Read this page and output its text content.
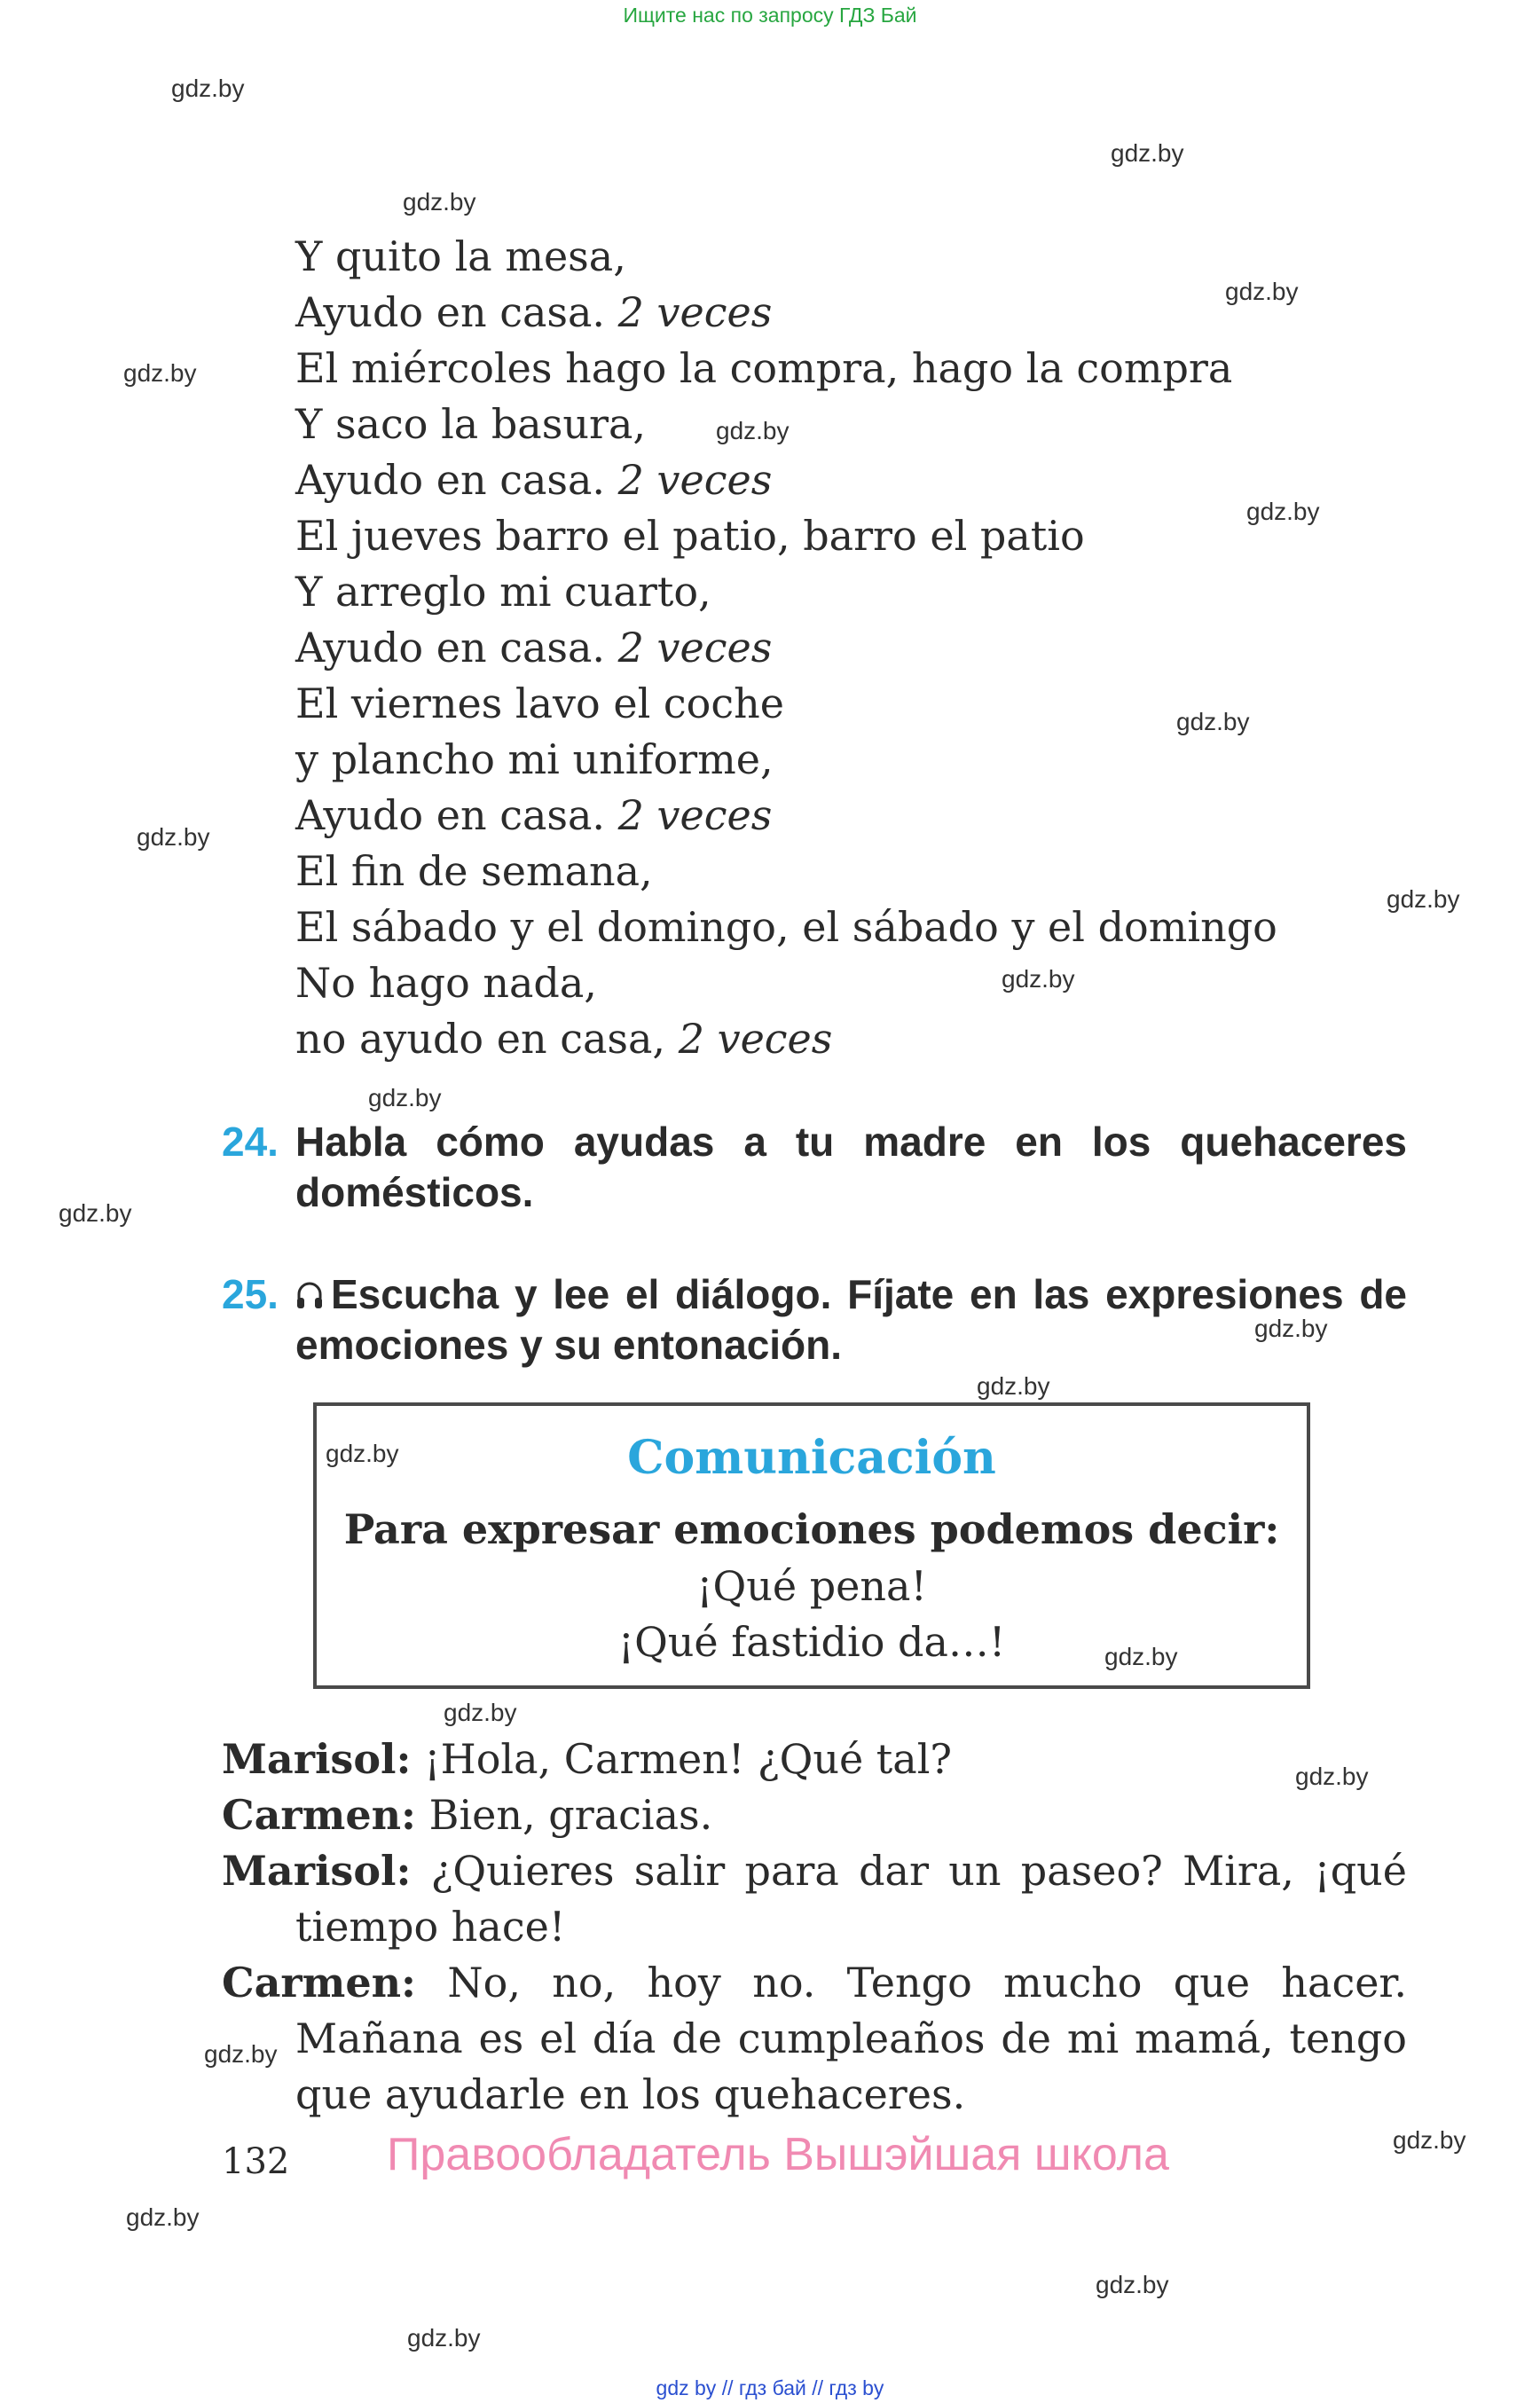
Ищите нас по запросу ГДЗ Бай
gdz.by
gdz.by
gdz.by
gdz.by
gdz.by
gdz.by
gdz.by
gdz.by
gdz.by
gdz.by
gdz.by
gdz.by
gdz.by
gdz.by
gdz.by
gdz.by
gdz.by
gdz.by
gdz.by
gdz.by
gdz.by
gdz.by
gdz.by
gdz.by
Y quito la mesa,
Ayudo en casa. 2 veces
El miércoles hago la compra, hago la compra
Y saco la basura,
Ayudo en casa. 2 veces
El jueves barro el patio, barro el patio
Y arreglo mi cuarto,
Ayudo en casa. 2 veces
El viernes lavo el coche
y plancho mi uniforme,
Ayudo en casa. 2 veces
El fin de semana,
El sábado y el domingo, el sábado y el domingo
No hago nada,
no ayudo en casa, 2 veces
24. Habla cómo ayudas a tu madre en los quehaceres domésticos.
25.	Escucha y lee el diálogo. Fíjate en las expresiones de emociones y su entonación.
Comunicación
Para expresar emociones podemos decir:
¡Qué pena!
¡Qué fastidio da…!
Marisol: ¡Hola, Carmen! ¿Qué tal?
Carmen: Bien, gracias.
Marisol: ¿Quieres salir para dar un paseo? Mira, ¡qué tiempo hace!
Carmen: No, no, hoy no. Tengo mucho que hacer. Mañana es el día de cumpleaños de mi mamá, tengo que ayudarle en los quehaceres.
132 Правообладатель Вышэйшая школа
gdz by // гдз бай // гдз by
